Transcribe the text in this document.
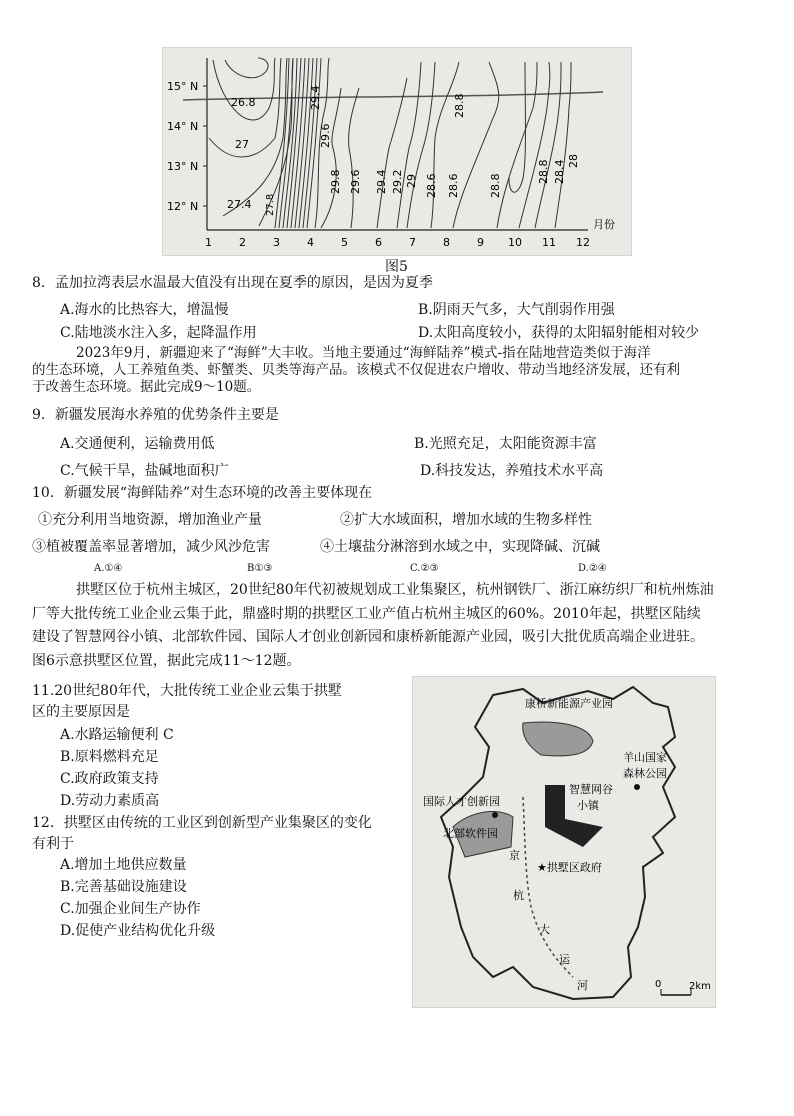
15° N
14° N
13° N
12° N
1 2 3 4 5 6 7 8 9 10 11 12
月份
26.8
27
27.4 27.8
29.4
29.6
29.8 29.6 29.4 29.2 29
28.8
28.6
28.6	28.8
28.8 28.4 28
图5
8．孟加拉湾表层水温最大值没有出现在夏季的原因，是因为夏季
A.海水的比热容大，增温慢	B.阴雨天气多，大气削弱作用强
C.陆地淡水注入多，起降温作用	D.太阳高度较小，获得的太阳辐射能相对较少
2023年9月，新疆迎来了“海鲜”大丰收。当地主要通过“海鲜陆养”模式-指在陆地营造类似于海洋
的生态环境，人工养殖鱼类、虾蟹类、贝类等海产品。该模式不仅促进农户增收、带动当地经济发展，还有利
于改善生态环境。据此完成9～10题。
9．新疆发展海水养殖的优势条件主要是
A.交通便利，运输费用低	B.光照充足，太阳能资源丰富
C.气候干旱，盐碱地面积广	D.科技发达，养殖技术水平高
10．新疆发展“海鲜陆养”对生态环境的改善主要体现在
①充分利用当地资源，增加渔业产量	②扩大水域面积，增加水域的生物多样性
③植被覆盖率显著增加，减少风沙危害	④土壤盐分淋溶到水域之中，实现降碱、沉碱
A.①④	B①③	C.②③	D.②④
拱墅区位于杭州主城区，20世纪80年代初被规划成工业集聚区，杭州钢铁厂、浙江麻纺织厂和杭州炼油
厂等大批传统工业企业云集于此，鼎盛时期的拱墅区工业产值占杭州主城区的60%。2010年起，拱墅区陆续
建设了智慧网谷小镇、北部软件园、国际人才创业创新园和康桥新能源产业园，吸引大批优质高端企业进驻。
图6示意拱墅区位置，据此完成11～12题。
11.20世纪80年代，大批传统工业企业云集于拱墅
区的主要原因是
A.水路运输便利 C
B.原料燃料充足
C.政府政策支持
D.劳动力素质高
12．拱墅区由传统的工业区到创新型产业集聚区的变化
有利于
A.增加土地供应数量
B.完善基础设施建设
C.加强企业间生产协作
D.促使产业结构优化升级
康桥新能源产业园
羊山国家
森林公园
国际人才创新园
智慧网谷
小镇
北部软件园
★拱墅区政府
京
杭
大
运
河	0	2km
